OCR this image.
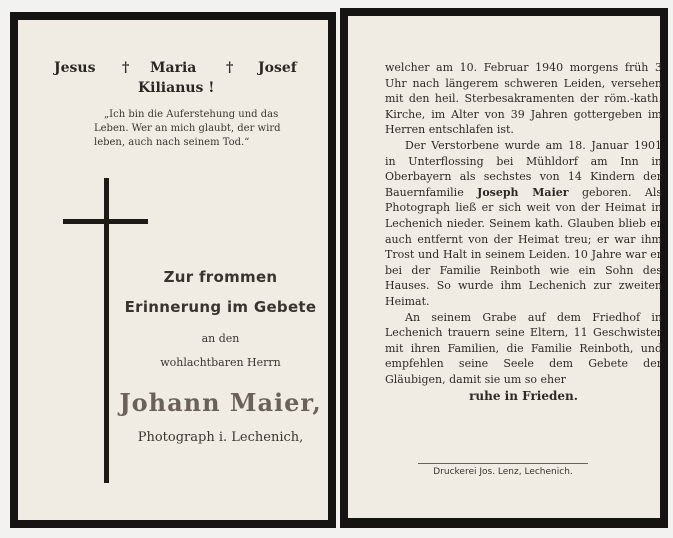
Jesus † Maria † Josef
Kilianus !
„Ich bin die Auferstehung und das
Leben. Wer an mich glaubt, der wird
leben, auch nach seinem Tod.“
Zur frommen
Erinnerung im Gebete
an den
wohlachtbaren Herrn
Johann Maier,
Photograph i. Lechenich,

welcher am 10. Februar 1940 morgens früh 3 Uhr nach längerem schweren Leiden, versehen mit den heil. Sterbesakramenten der röm.-kath. Kirche, im Alter von 39 Jahren gottergeben im Herren entschlafen ist.

Der Verstorbene wurde am 18. Januar 1901 in Unterflossing bei Mühldorf am Inn in Oberbayern als sechstes von 14 Kindern der Bauernfamilie Joseph Maier geboren. Als Photograph ließ er sich weit von der Heimat in Lechenich nieder. Seinem kath. Glauben blieb er auch entfernt von der Heimat treu; er war ihm Trost und Halt in seinem Leiden. 10 Jahre war er bei der Familie Reinboth wie ein Sohn des Hauses. So wurde ihm Lechenich zur zweiten Heimat.

An seinem Grabe auf dem Friedhof in Lechenich trauern seine Eltern, 11 Geschwister mit ihren Familien, die Familie Reinboth, und empfehlen seine Seele dem Gebete der Gläubigen, damit sie um so eher

ruhe in Frieden.

Druckerei Jos. Lenz, Lechenich.
